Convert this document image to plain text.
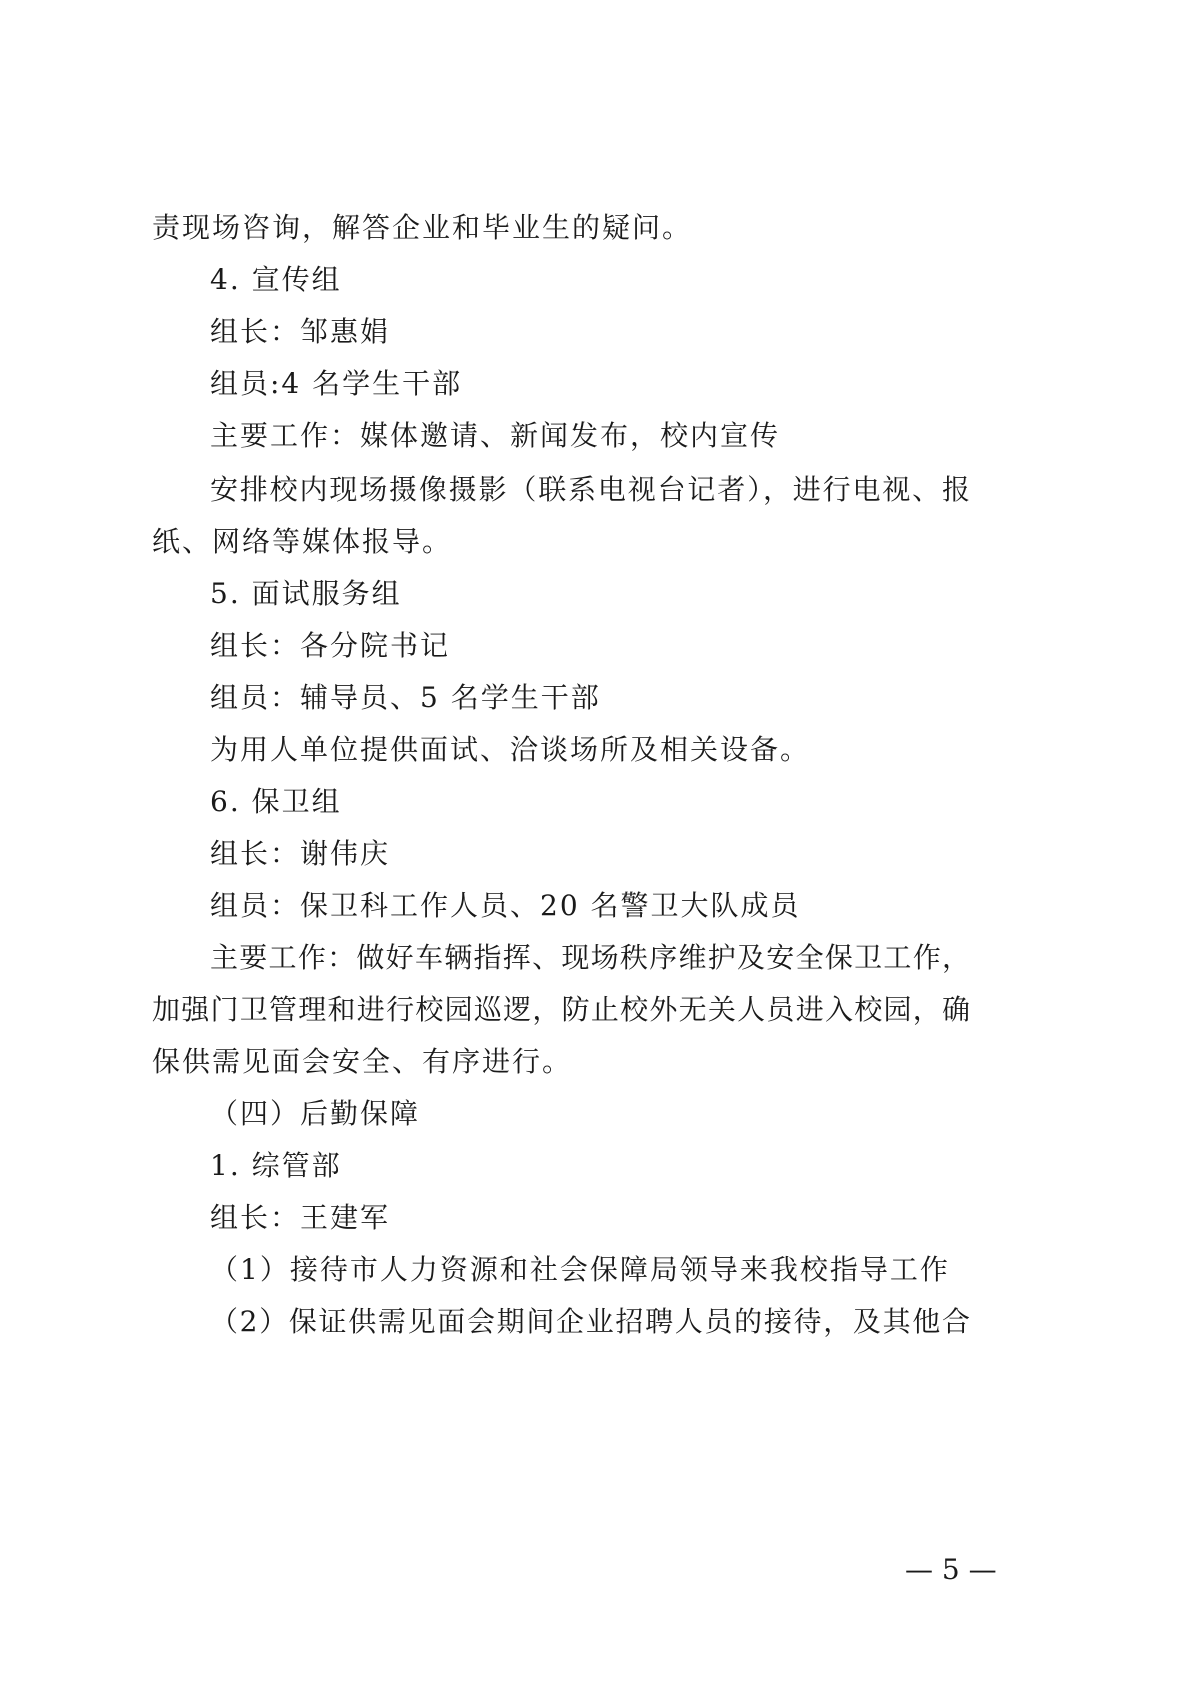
责现场咨询，解答企业和毕业生的疑问。
4. 宣传组
组长：邹惠娟
组员:4 名学生干部
主要工作：媒体邀请、新闻发布，校内宣传
安排校内现场摄像摄影（联系电视台记者），进行电视、报
纸、网络等媒体报导。
5. 面试服务组
组长：各分院书记
组员：辅导员、5 名学生干部
为用人单位提供面试、洽谈场所及相关设备。
6. 保卫组
组长：谢伟庆
组员：保卫科工作人员、20 名警卫大队成员
主要工作：做好车辆指挥、现场秩序维护及安全保卫工作，
加强门卫管理和进行校园巡逻，防止校外无关人员进入校园，确
保供需见面会安全、有序进行。
（四）后勤保障
1. 综管部
组长：王建军
（1）接待市人力资源和社会保障局领导来我校指导工作
（2）保证供需见面会期间企业招聘人员的接待，及其他合
— 5 —
